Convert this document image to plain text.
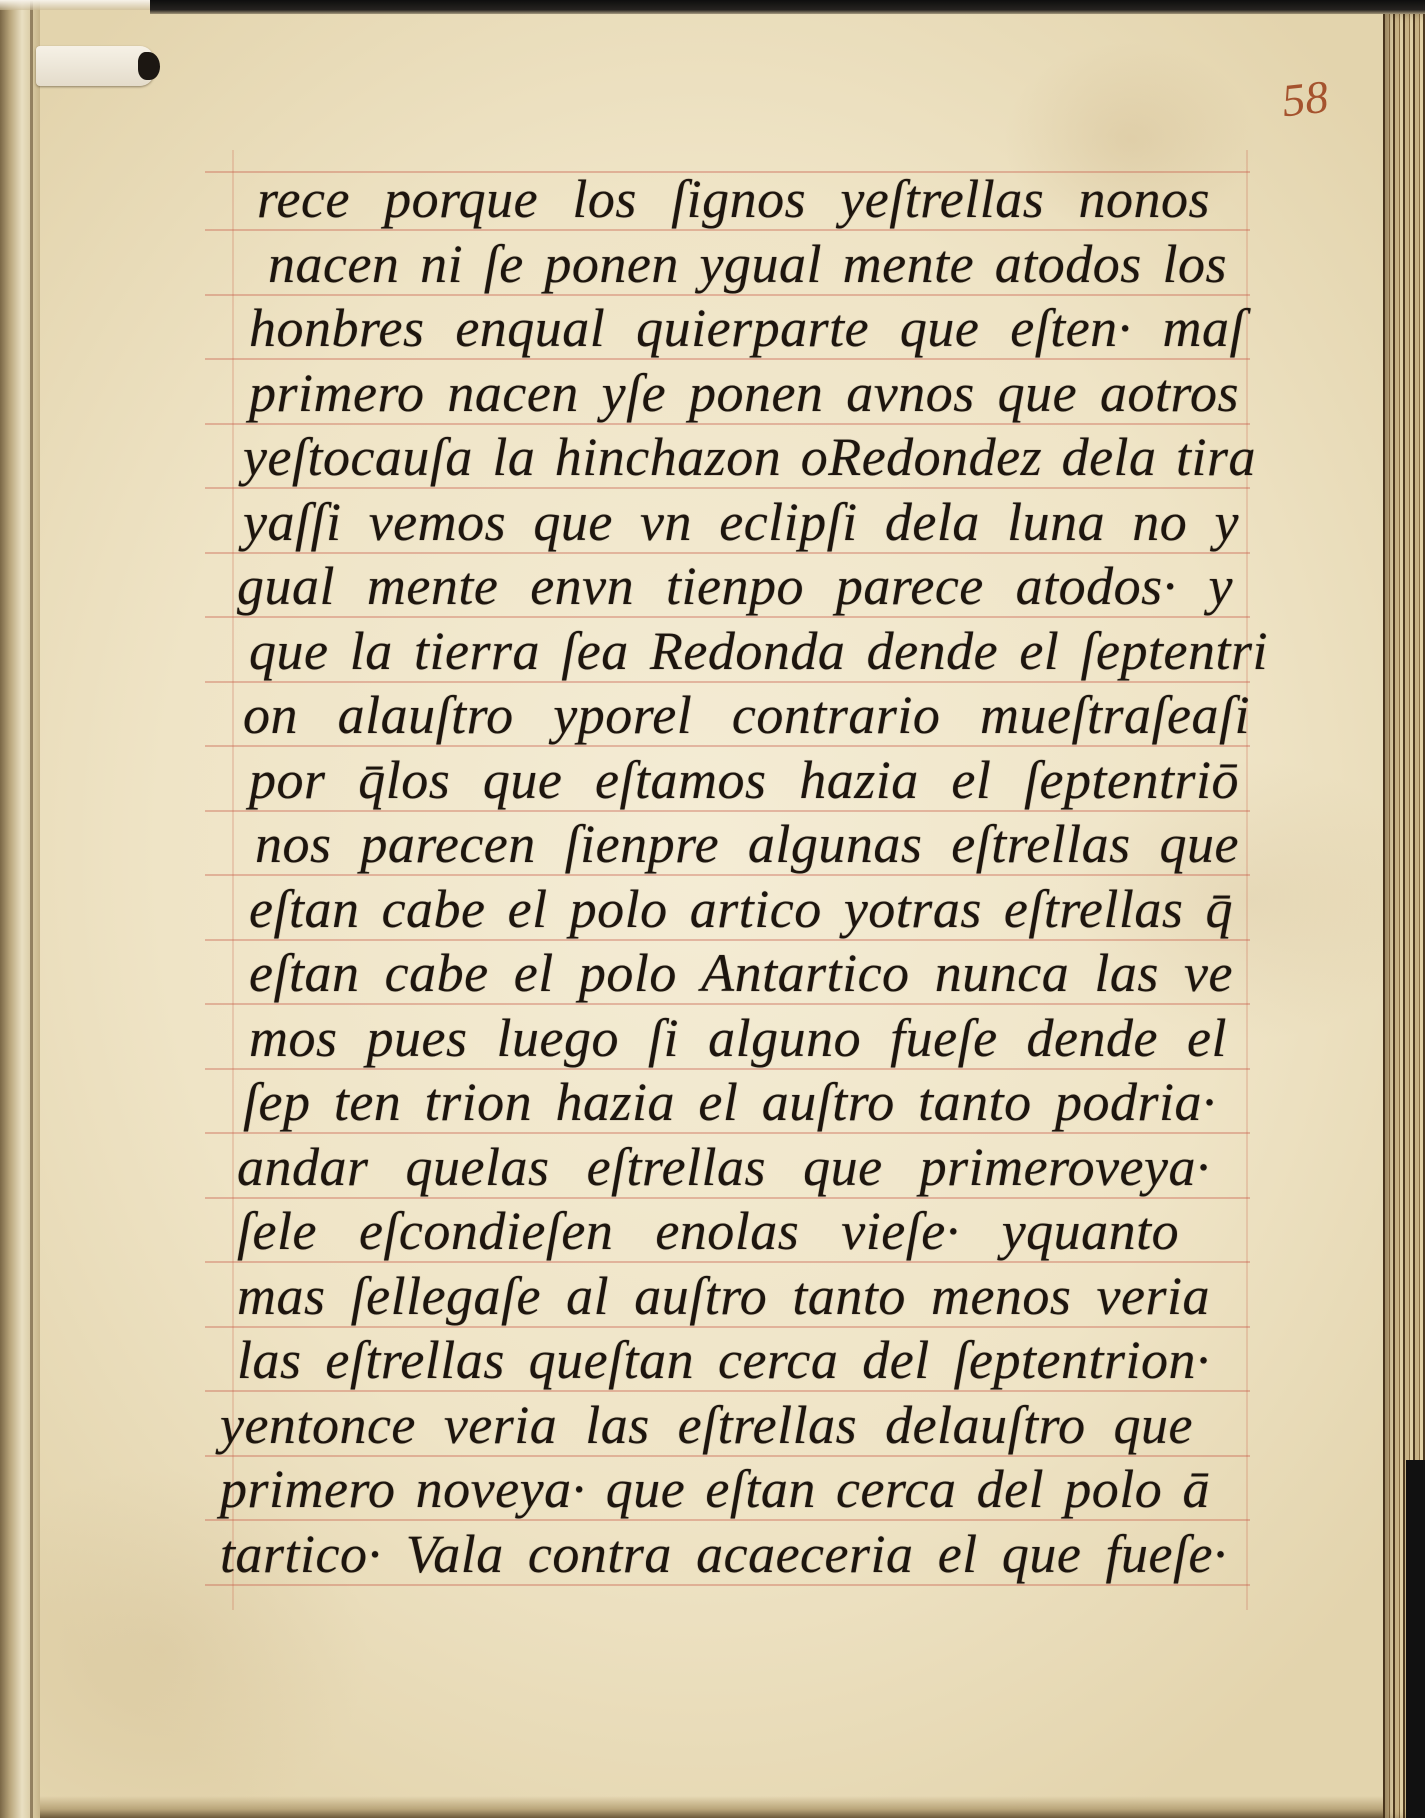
58
rece porque los ſignos yeſtrellas nonos
nacen ni ſe ponen ygual mente atodos los
honbres enqual quierparte que eſten· maſ
primero nacen yſe ponen avnos que aotros
yeſtocauſa la hinchazon oRedondez dela tira
yaſſi vemos que vn eclipſi dela luna no y
gual mente envn tienpo parece atodos· y
que la tierra ſea Redonda dende el ſeptentri
on alauſtro yporel contrario mueſtraſeaſi
por q̄los que eſtamos hazia el ſeptentriō
nos parecen ſienpre algunas eſtrellas que
eſtan cabe el polo artico yotras eſtrellas q̄
eſtan cabe el polo Antartico nunca las ve
mos pues luego ſi alguno fueſe dende el
ſep ten trion hazia el auſtro tanto podria·
andar quelas eſtrellas que primeroveya·
ſele eſcondieſen enolas vieſe· yquanto
mas ſellegaſe al auſtro tanto menos veria
las eſtrellas queſtan cerca del ſeptentrion·
yentonce veria las eſtrellas delauſtro que
primero noveya· que eſtan cerca del polo ā
tartico· Vala contra acaeceria el que fueſe·
